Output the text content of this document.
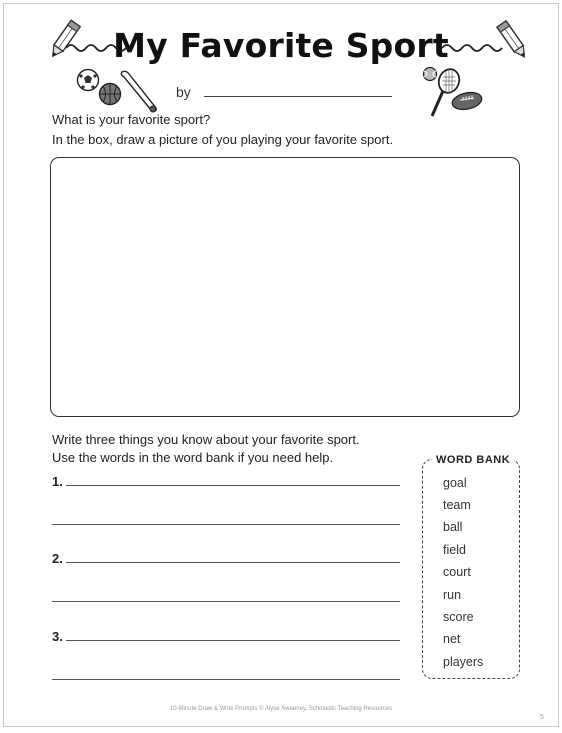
My Favorite Sport
by
What is your favorite sport?
In the box, draw a picture of you playing your favorite sport.
Write three things you know about your favorite sport.
Use the words in the word bank if you need help.
1.
2.
3.
WORD BANK
goal
team
ball
field
court
run
score
net
players
10-Minute Draw & Write Prompts © Alyse Sweeney, Scholastic Teaching Resources
5
